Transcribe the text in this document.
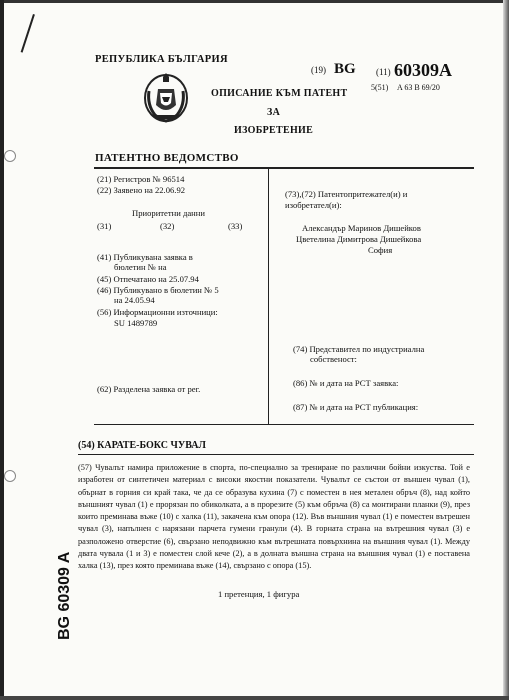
РЕПУБЛИКА БЪЛГАРИЯ
(19) BG (11) 60309A
5(51) A 63 B 69/20
ОПИСАНИЕ КЪМ ПАТЕНТ
ЗА
ИЗОБРЕТЕНИЕ
ПАТЕНТНО ВЕДОМСТВО
(21) Регистров № 96514
(22) Заявено на 22.06.92
Приоритетни данни
(31)	(32)	(33)
(41) Публикувана заявка в
бюлетин № на
(45) Отпечатано на 25.07.94
(46) Публикувано в бюлетин № 5
на 24.05.94
(56) Информационни източници:
SU 1489789
(62) Разделена заявка от рег.
(73),(72) Патентопритежател(и) и
изобретател(и):
Александър Маринов Дишейков
Цветелина Димитрова Дишейкова
София
(74) Представител по индустриална
собственост:
(86) № и дата на РСТ заявка:
(87) № и дата на РСТ публикация:
BG 60309 A
(54) КАРАТЕ-БОКС ЧУВАЛ

(57) Чувалът намира приложение в спорта, по-специално за трениране по различни бойни изкуства. Той е изработен от синтетичен материал с високи якостни показатели. Чувалът се състои от външен чувал (1), обърнат в горния си край така, че да се образува кухина (7) с поместен в нея метален обръч (8), над който външният чувал (1) е прорязан по обиколката, а в прорезите (5) към обръча (8) са монтирани планки (9), през които преминава въже (10) с халка (11), закачена към опора (12). Във външния чувал (1) е поместен вътрешен чувал (3), напълнен с нарязани парчета гумени гранули (4). В горната страна на вътрешния чувал (3) е разположено отверстие (6), свързано неподвижно към вътрешната повърхнина на външния чувал (1). Между двата чувала (1 и 3) е поместен слой кече (2), а в долната външна страна на външния чувал (1) е поставена халка (13), през която преминава въже (14), свързано с опора (15).

1 претенция, 1 фигура
